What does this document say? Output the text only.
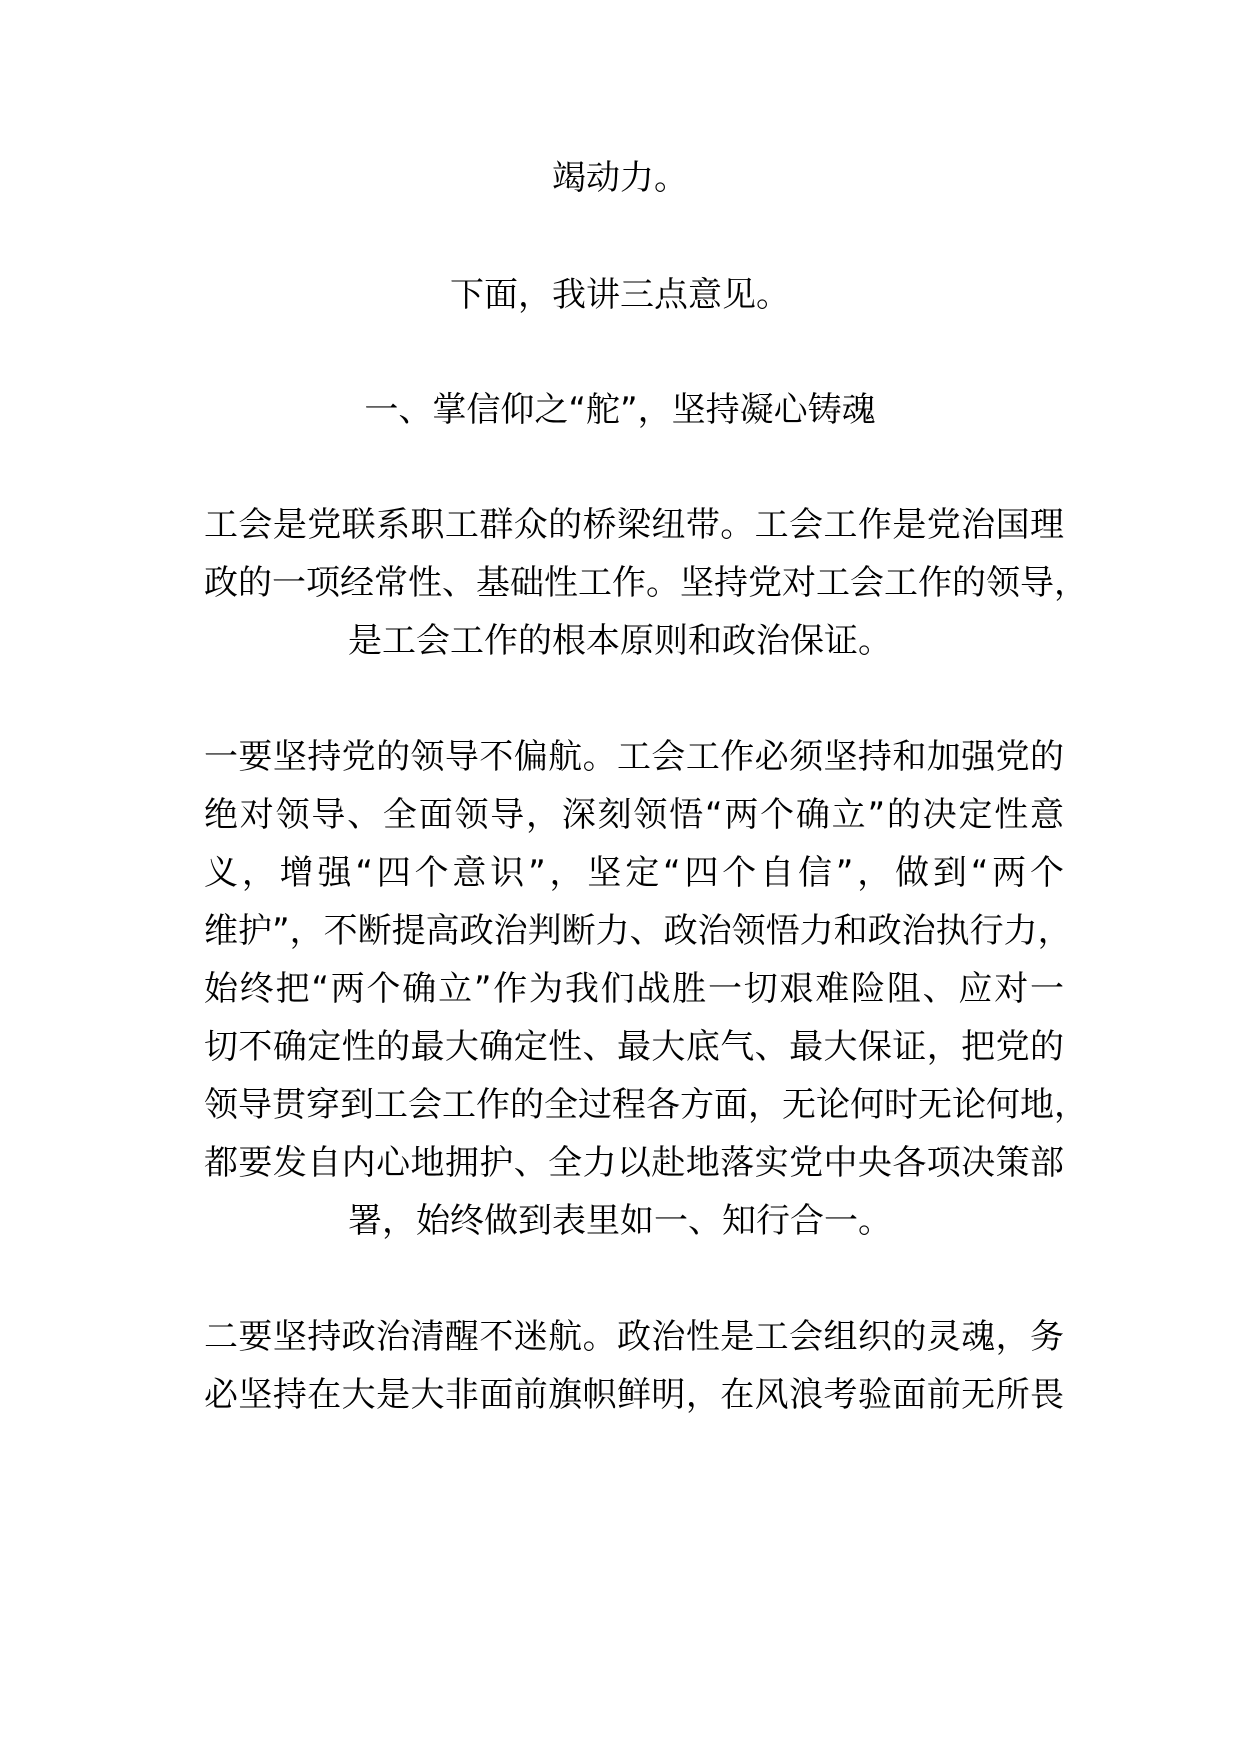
竭动力。
下面，我讲三点意见。
一、掌信仰之“舵”，坚持凝心铸魂
工会是党联系职工群众的桥梁纽带。工会工作是党治国理
政的一项经常性、基础性工作。坚持党对工会工作的领导，
是工会工作的根本原则和政治保证。
一要坚持党的领导不偏航。工会工作必须坚持和加强党的
绝对领导、全面领导，深刻领悟“两个确立”的决定性意
义，增强“四个意识”，坚定“四个自信”，做到“两个
维护”，不断提高政治判断力、政治领悟力和政治执行力，
始终把“两个确立”作为我们战胜一切艰难险阻、应对一
切不确定性的最大确定性、最大底气、最大保证，把党的
领导贯穿到工会工作的全过程各方面，无论何时无论何地，
都要发自内心地拥护、全力以赴地落实党中央各项决策部
署，始终做到表里如一、知行合一。
二要坚持政治清醒不迷航。政治性是工会组织的灵魂，务
必坚持在大是大非面前旗帜鲜明，在风浪考验面前无所畏
